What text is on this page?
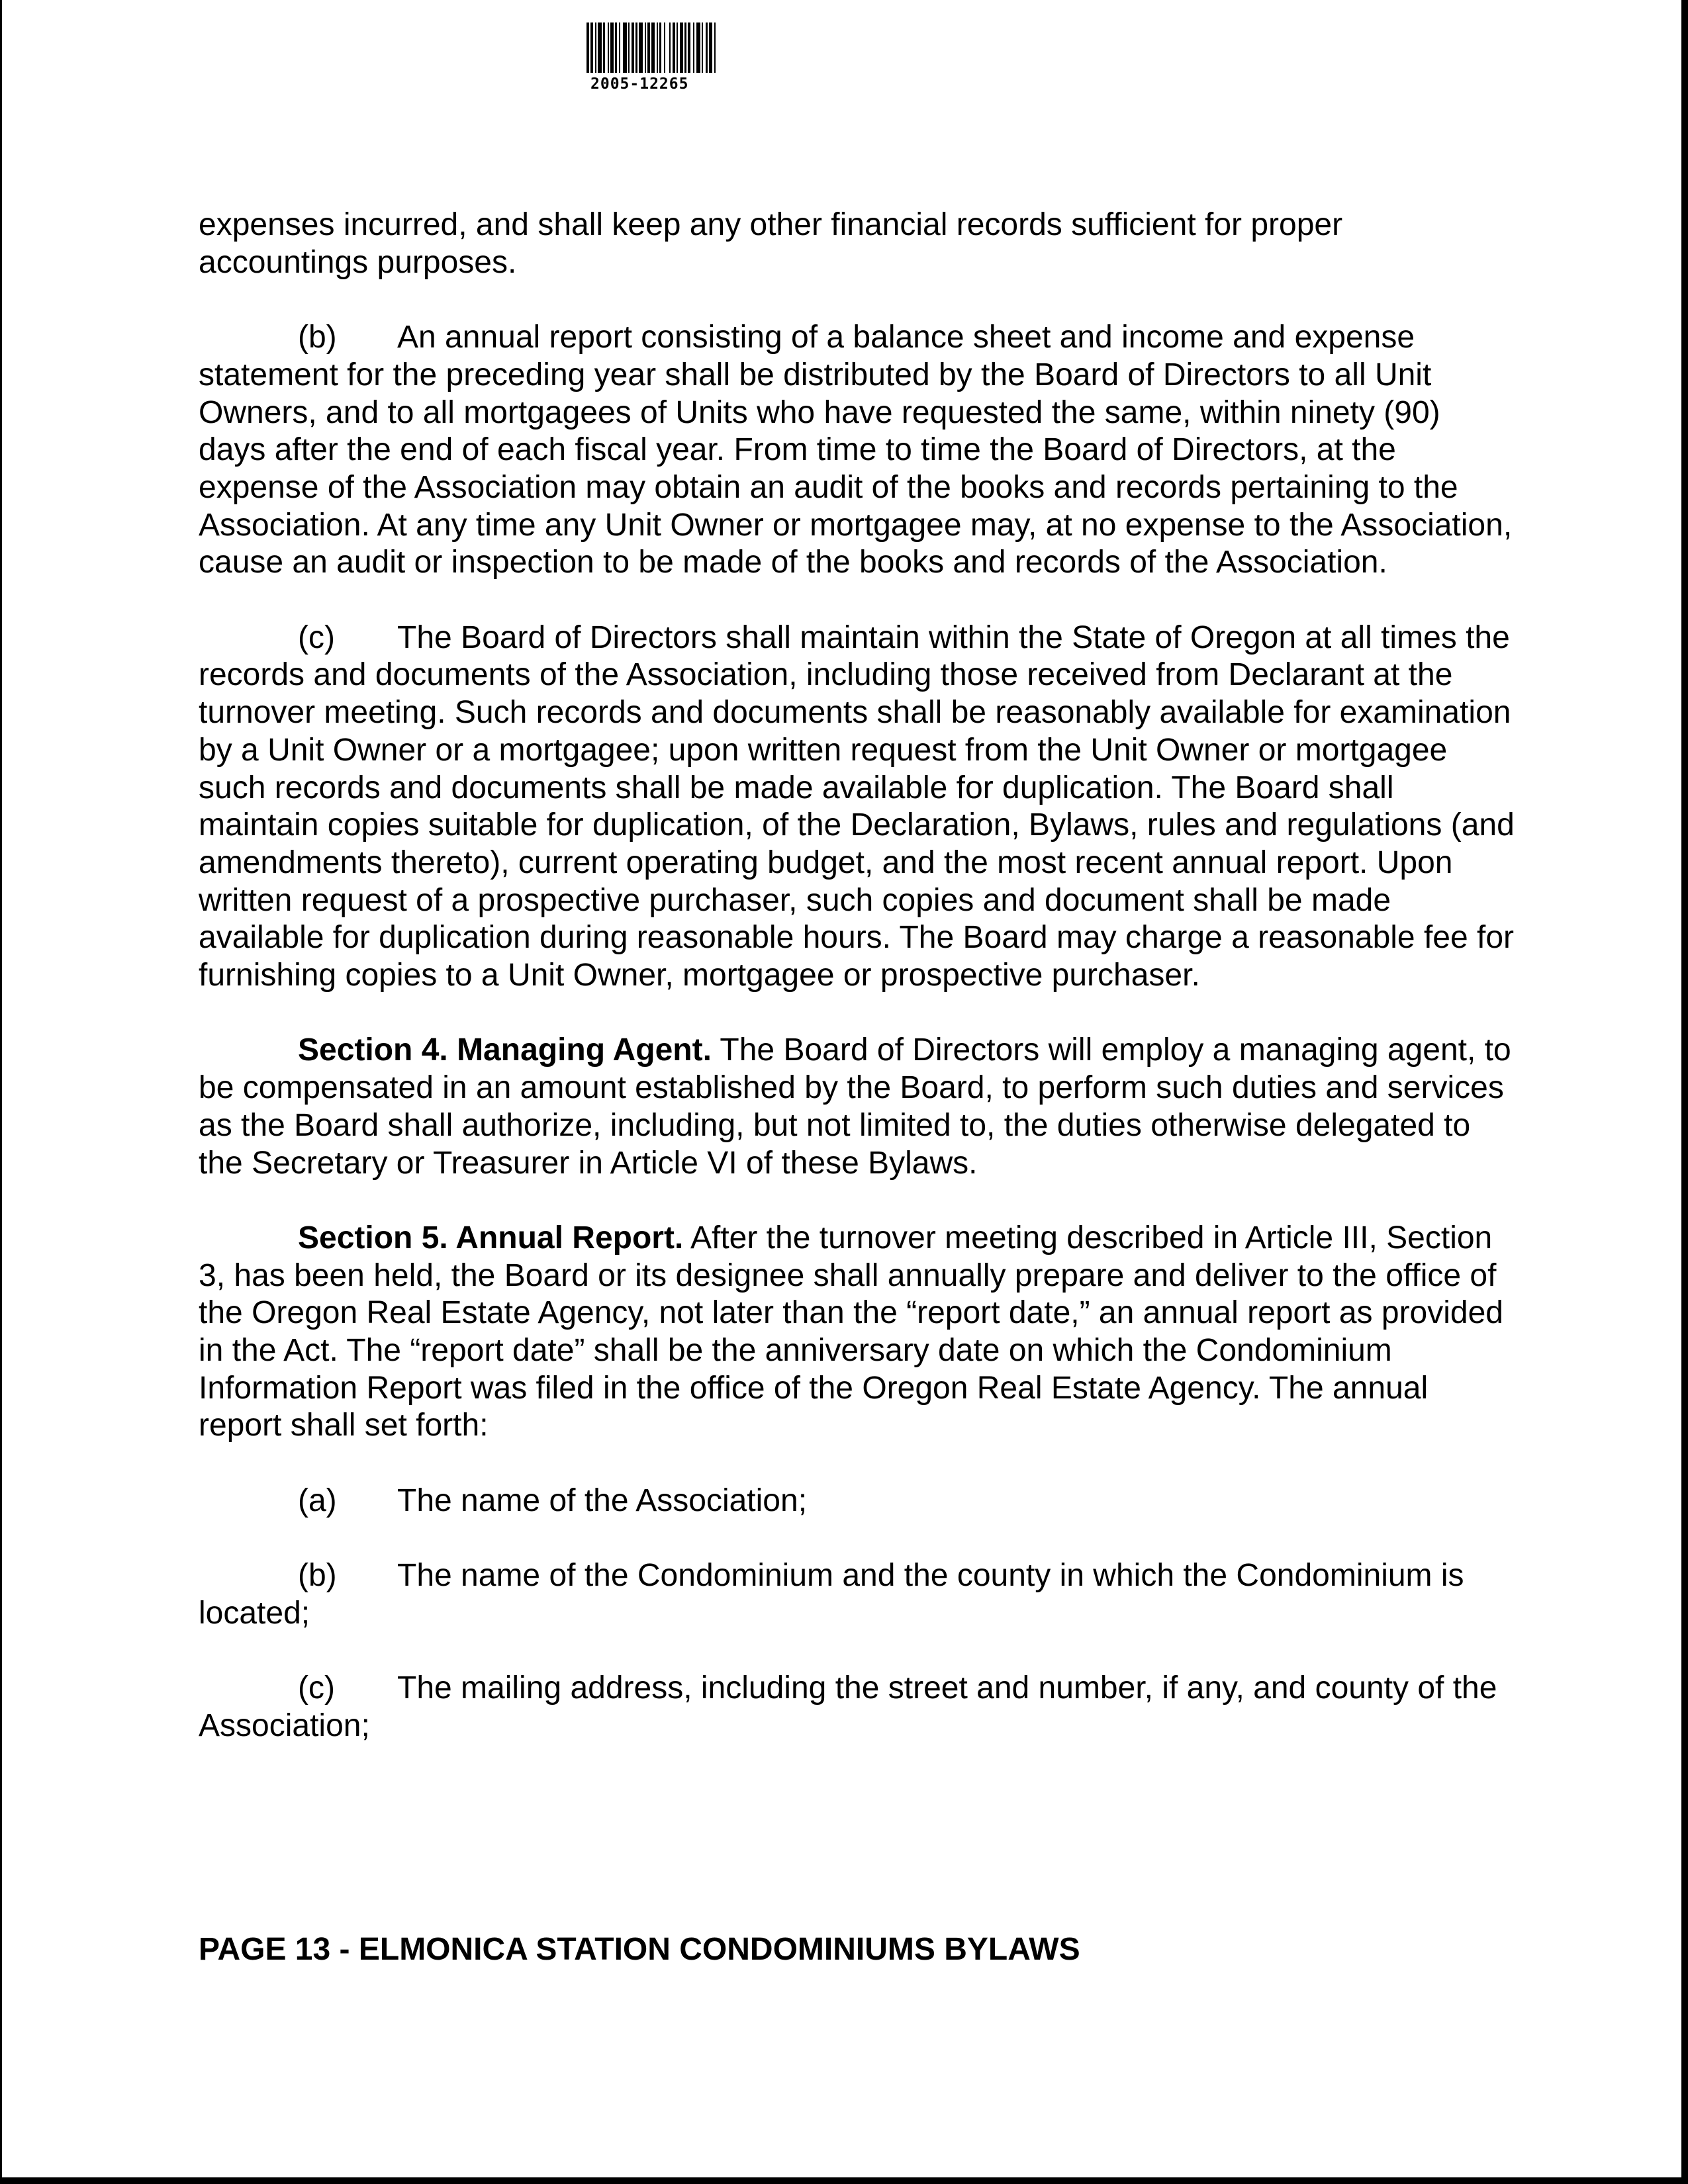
2005-12265

expenses incurred, and shall keep any other financial records sufficient for proper accountings purposes.

(b) An annual report consisting of a balance sheet and income and expense statement for the preceding year shall be distributed by the Board of Directors to all Unit Owners, and to all mortgagees of Units who have requested the same, within ninety (90) days after the end of each fiscal year. From time to time the Board of Directors, at the expense of the Association may obtain an audit of the books and records pertaining to the Association. At any time any Unit Owner or mortgagee may, at no expense to the Association, cause an audit or inspection to be made of the books and records of the Association.

(c) The Board of Directors shall maintain within the State of Oregon at all times the records and documents of the Association, including those received from Declarant at the turnover meeting. Such records and documents shall be reasonably available for examination by a Unit Owner or a mortgagee; upon written request from the Unit Owner or mortgagee such records and documents shall be made available for duplication. The Board shall maintain copies suitable for duplication, of the Declaration, Bylaws, rules and regulations (and amendments thereto), current operating budget, and the most recent annual report. Upon written request of a prospective purchaser, such copies and document shall be made available for duplication during reasonable hours. The Board may charge a reasonable fee for furnishing copies to a Unit Owner, mortgagee or prospective purchaser.

Section 4. Managing Agent. The Board of Directors will employ a managing agent, to be compensated in an amount established by the Board, to perform such duties and services as the Board shall authorize, including, but not limited to, the duties otherwise delegated to the Secretary or Treasurer in Article VI of these Bylaws.

Section 5. Annual Report. After the turnover meeting described in Article III, Section 3, has been held, the Board or its designee shall annually prepare and deliver to the office of the Oregon Real Estate Agency, not later than the “report date,” an annual report as provided in the Act. The “report date” shall be the anniversary date on which the Condominium Information Report was filed in the office of the Oregon Real Estate Agency. The annual report shall set forth:

(a) The name of the Association;

(b) The name of the Condominium and the county in which the Condominium is located;

(c) The mailing address, including the street and number, if any, and county of the Association;

PAGE 13 - ELMONICA STATION CONDOMINIUMS BYLAWS
